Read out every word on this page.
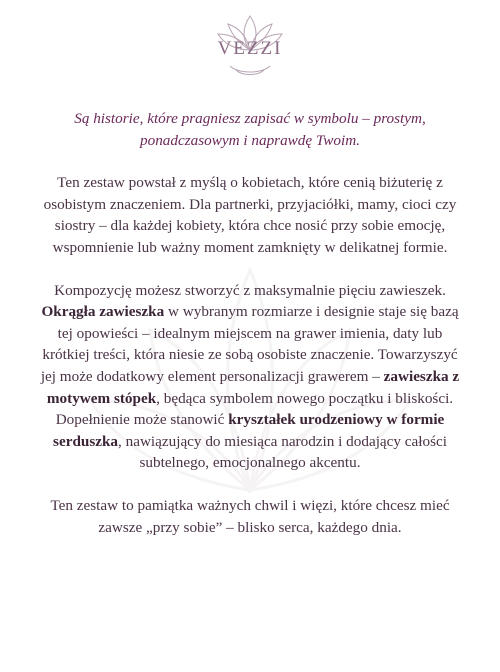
VEZZI

Są historie, które pragniesz zapisać w symbolu – prostym, ponadczasowym i naprawdę Twoim.

Ten zestaw powstał z myślą o kobietach, które cenią biżuterię z osobistym znaczeniem. Dla partnerki, przyjaciółki, mamy, cioci czy siostry – dla każdej kobiety, która chce nosić przy sobie emocję, wspomnienie lub ważny moment zamknięty w delikatnej formie.

Kompozycję możesz stworzyć z maksymalnie pięciu zawieszek. Okrągła zawieszka w wybranym rozmiarze i designie staje się bazą tej opowieści – idealnym miejscem na grawer imienia, daty lub krótkiej treści, która niesie ze sobą osobiste znaczenie. Towarzyszyć jej może dodatkowy element personalizacji grawerem – zawieszka z motywem stópek, będąca symbolem nowego początku i bliskości. Dopełnienie może stanowić kryształek urodzeniowy w formie serduszka, nawiązujący do miesiąca narodzin i dodający całości subtelnego, emocjonalnego akcentu.

Ten zestaw to pamiątka ważnych chwil i więzi, które chcesz mieć zawsze „przy sobie” – blisko serca, każdego dnia.
